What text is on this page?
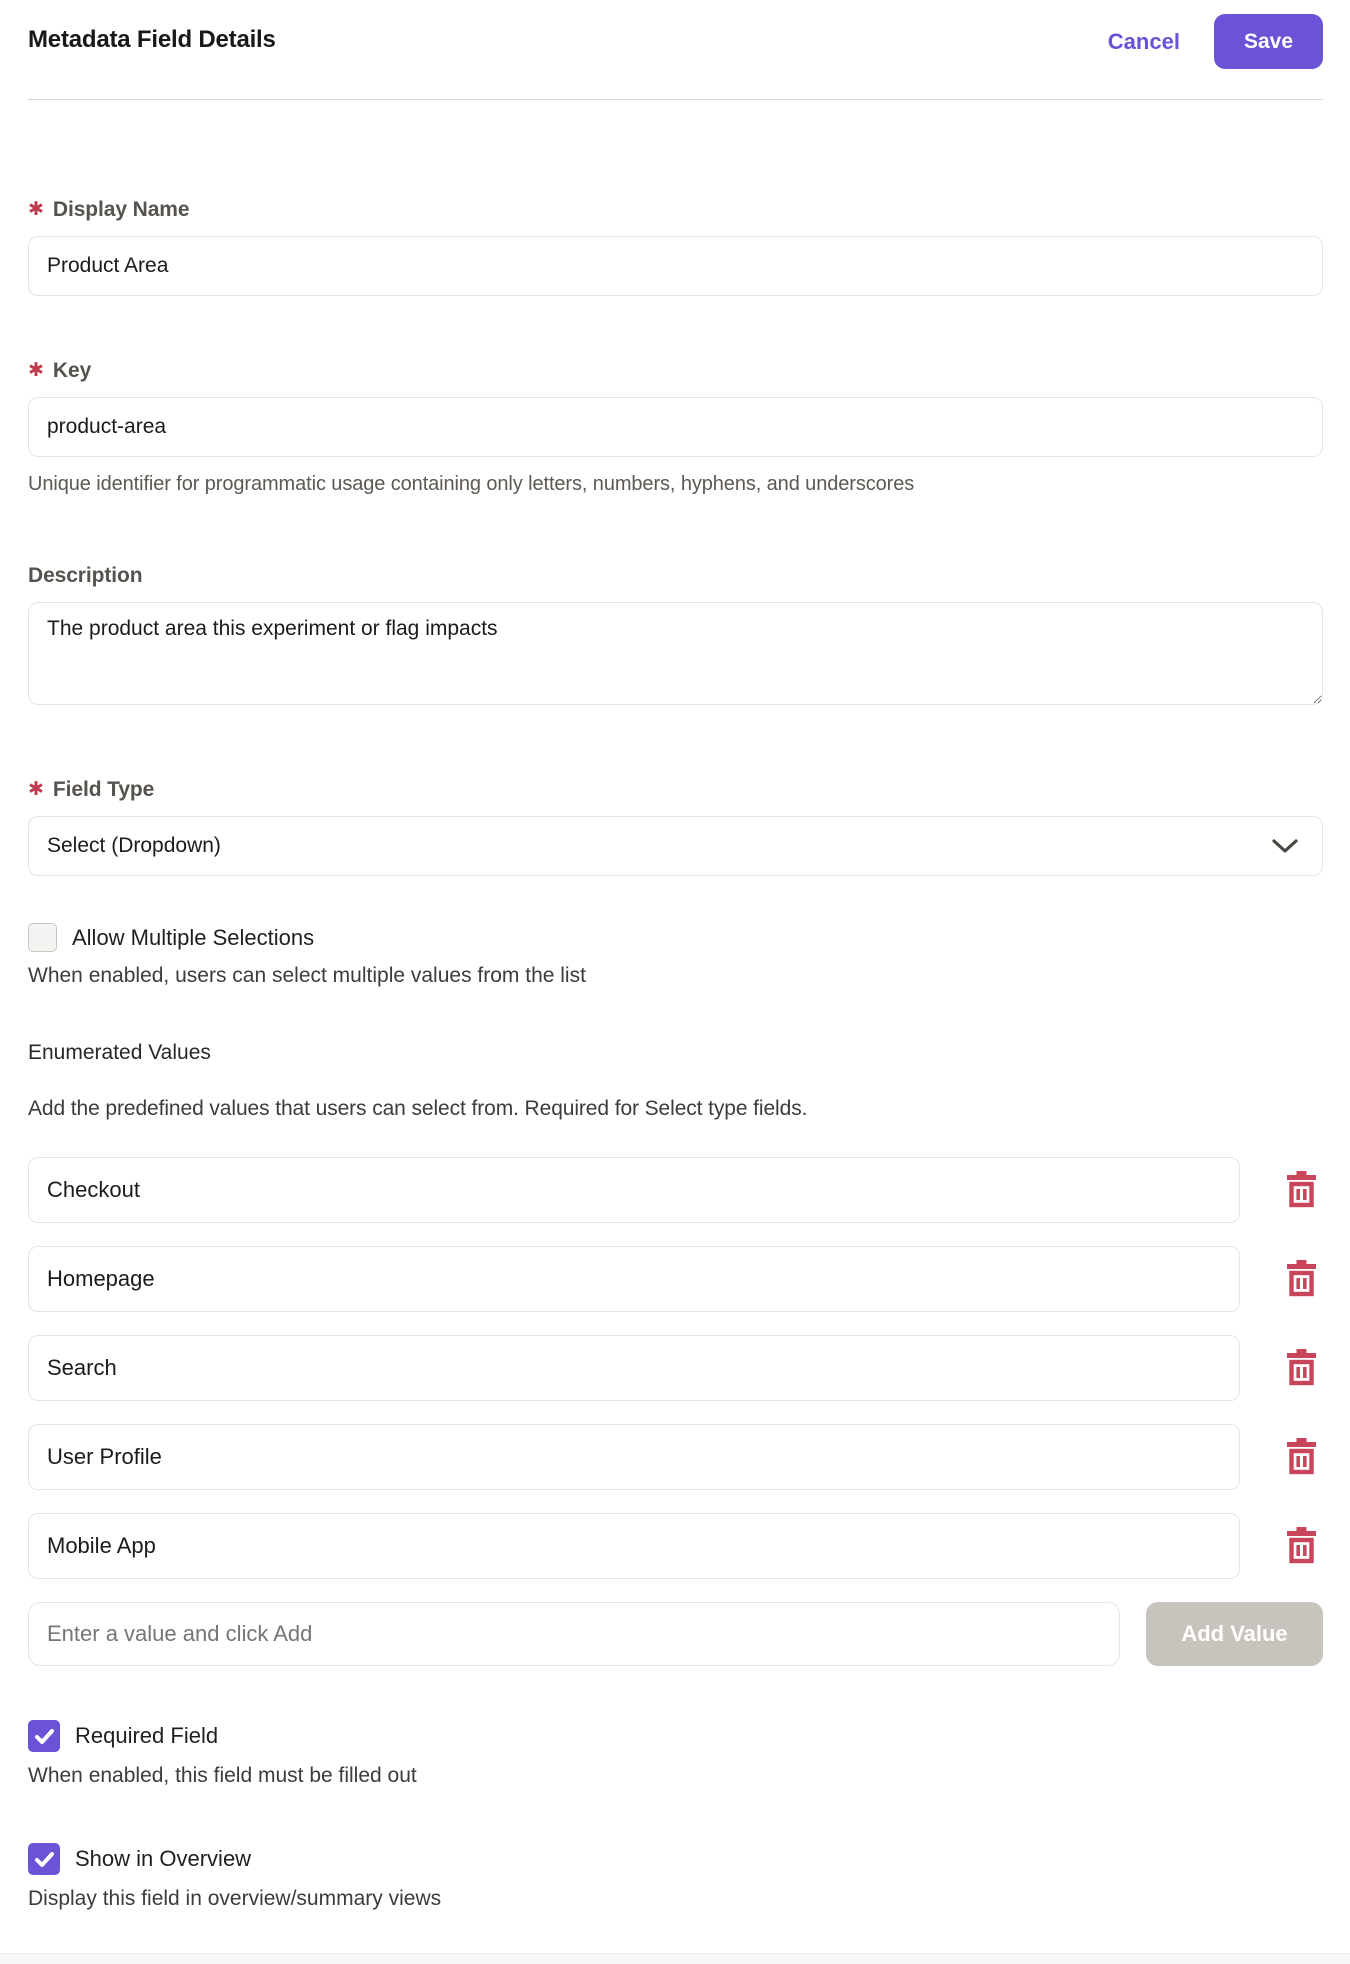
Metadata Field Details	Cancel	Save
✱ Display Name
Product Area
✱ Key
product-area
Unique identifier for programmatic usage containing only letters, numbers, hyphens, and underscores
Description
The product area this experiment or flag impacts
✱ Field Type
Select (Dropdown)
Allow Multiple Selections
When enabled, users can select multiple values from the list
Enumerated Values
Add the predefined values that users can select from. Required for Select type fields.
Checkout
Homepage
Search
User Profile
Mobile App
Enter a value and click Add
Add Value
Required Field
When enabled, this field must be filled out
Show in Overview
Display this field in overview/summary views
